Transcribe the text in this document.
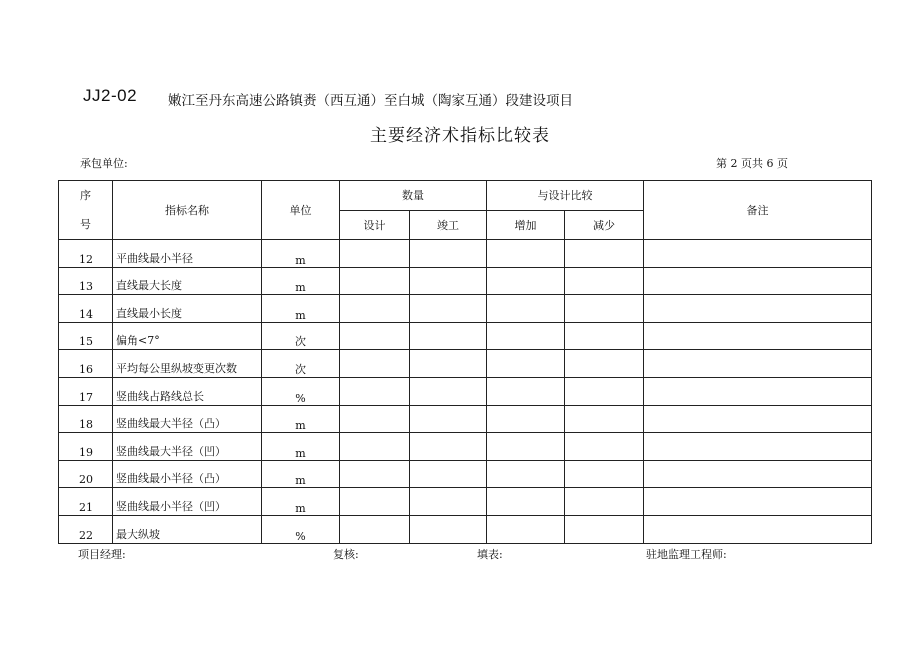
JJ2-02 嫩江至丹东高速公路镇赉（西互通）至白城（陶家互通）段建设项目
主要经济术指标比较表
承包单位:	第 2 页共 6 页
序
号	指标名称	单位	数量		与设计比较		备注
			设计	竣工	增加	减少	
12	平曲线最小半径	m					
13	直线最大长度	m					
14	直线最小长度	m					
15	偏角<7°	次					
16	平均每公里纵坡变更次数	次					
17	竖曲线占路线总长	%					
18	竖曲线最大半径（凸）	m					
19	竖曲线最大半径（凹）	m					
20	竖曲线最小半径（凸）	m					
21	竖曲线最小半径（凹）	m					
22	最大纵坡	%					
项目经理:	复核:	填表:	驻地监理工程师:
